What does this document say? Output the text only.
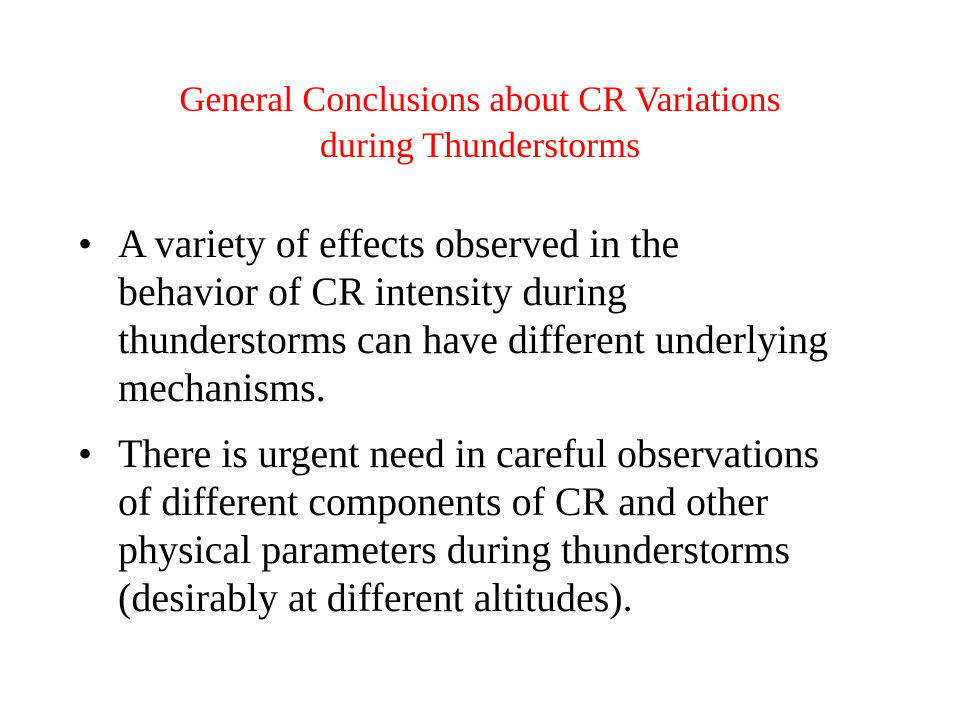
General Conclusions about CR Variations
during Thunderstorms
• A variety of effects observed in the
behavior of CR intensity during
thunderstorms can have different underlying
mechanisms.
• There is urgent need in careful observations
of different components of CR and other
physical parameters during thunderstorms
(desirably at different altitudes).
